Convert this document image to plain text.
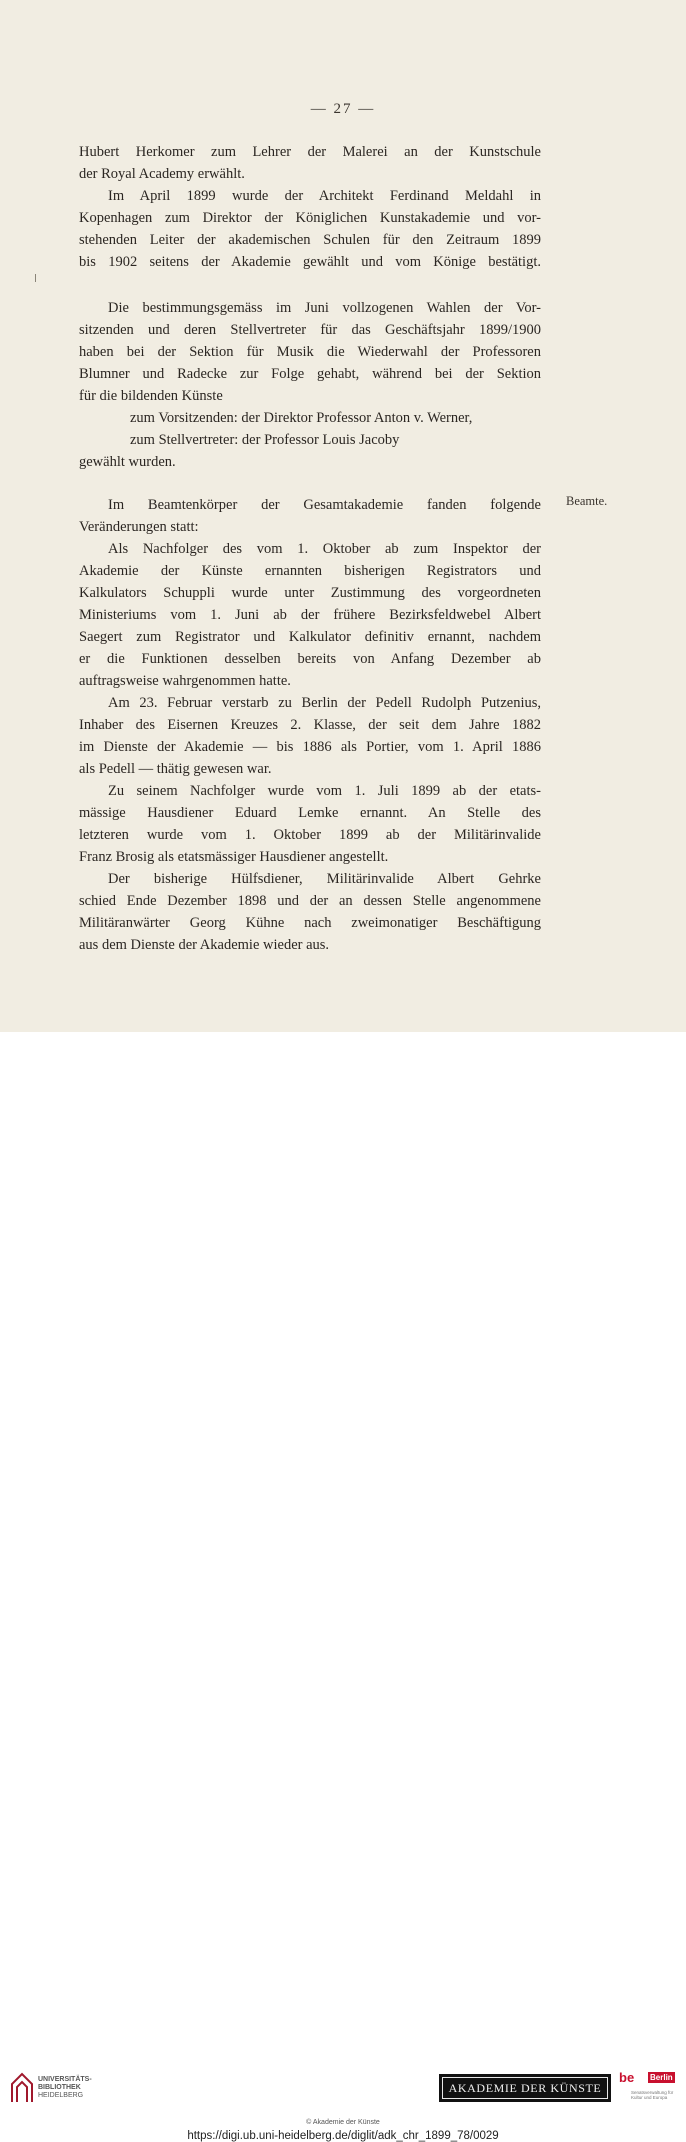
— 27 —
Hubert Herkomer zum Lehrer der Malerei an der Kunstschule
der Royal Academy erwählt.
Im April 1899 wurde der Architekt Ferdinand Meldahl in
Kopenhagen zum Direktor der Königlichen Kunstakademie und vor-
stehenden Leiter der akademischen Schulen für den Zeitraum 1899
bis 1902 seitens der Akademie gewählt und vom Könige bestätigt.
Die bestimmungsgemäss im Juni vollzogenen Wahlen der Vor-
sitzenden und deren Stellvertreter für das Geschäftsjahr 1899/1900
haben bei der Sektion für Musik die Wiederwahl der Professoren
Blumner und Radecke zur Folge gehabt, während bei der Sektion
für die bildenden Künste
zum Vorsitzenden: der Direktor Professor Anton v. Werner,
zum Stellvertreter: der Professor Louis Jacoby
gewählt wurden.
Im Beamtenkörper der Gesamtakademie fanden folgende Beamte.
Veränderungen statt:
Als Nachfolger des vom 1. Oktober ab zum Inspektor der
Akademie der Künste ernannten bisherigen Registrators und
Kalkulators Schuppli wurde unter Zustimmung des vorgeordneten
Ministeriums vom 1. Juni ab der frühere Bezirksfeldwebel Albert
Saegert zum Registrator und Kalkulator definitiv ernannt, nachdem
er die Funktionen desselben bereits von Anfang Dezember ab
auftragsweise wahrgenommen hatte.
Am 23. Februar verstarb zu Berlin der Pedell Rudolph Putzenius,
Inhaber des Eisernen Kreuzes 2. Klasse, der seit dem Jahre 1882
im Dienste der Akademie — bis 1886 als Portier, vom 1. April 1886
als Pedell — thätig gewesen war.
Zu seinem Nachfolger wurde vom 1. Juli 1899 ab der etats-
mässige Hausdiener Eduard Lemke ernannt. An Stelle des
letzteren wurde vom 1. Oktober 1899 ab der Militärinvalide
Franz Brosig als etatsmässiger Hausdiener angestellt.
Der bisherige Hülfsdiener, Militärinvalide Albert Gehrke
schied Ende Dezember 1898 und der an dessen Stelle angenommene
Militäranwärter Georg Kühne nach zweimonatiger Beschäftigung
aus dem Dienste der Akademie wieder aus.
UNIVERSITÄTS-
BIBLIOTHEK
HEIDELBERG
AKADEMIE DER KÜNSTE
be Berlin
Senatsverwaltung für Kultur und Europa
© Akademie der Künste
https://digi.ub.uni-heidelberg.de/diglit/adk_chr_1899_78/0029
